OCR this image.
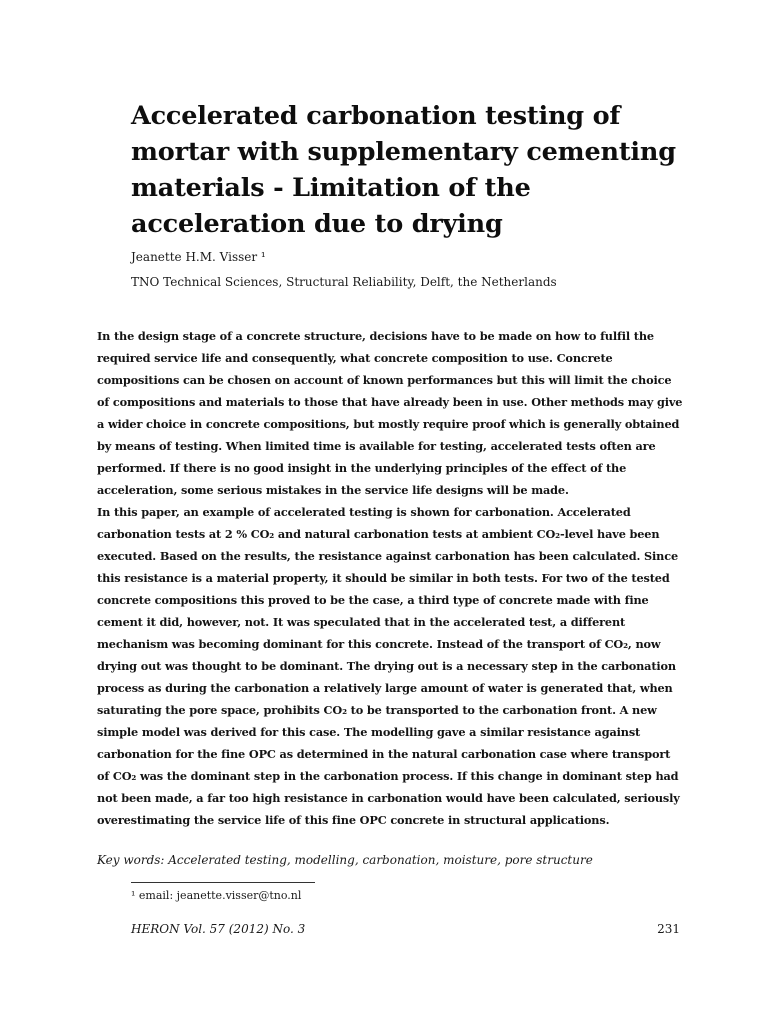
Accelerated carbonation testing of mortar with supplementary cementing materials - Limitation of the acceleration due to drying
Jeanette H.M. Visser ¹
TNO Technical Sciences, Structural Reliability, Delft, the Netherlands

In the design stage of a concrete structure, decisions have to be made on how to fulfil the required service life and consequently, what concrete composition to use. Concrete compositions can be chosen on account of known performances but this will limit the choice of compositions and materials to those that have already been in use. Other methods may give a wider choice in concrete compositions, but mostly require proof which is generally obtained by means of testing. When limited time is available for testing, accelerated tests often are performed. If there is no good insight in the underlying principles of the effect of the acceleration, some serious mistakes in the service life designs will be made.

In this paper, an example of accelerated testing is shown for carbonation. Accelerated carbonation tests at 2 % CO₂ and natural carbonation tests at ambient CO₂-level have been executed. Based on the results, the resistance against carbonation has been calculated. Since this resistance is a material property, it should be similar in both tests. For two of the tested concrete compositions this proved to be the case, a third type of concrete made with fine cement it did, however, not. It was speculated that in the accelerated test, a different mechanism was becoming dominant for this concrete. Instead of the transport of CO₂, now drying out was thought to be dominant. The drying out is a necessary step in the carbonation process as during the carbonation a relatively large amount of water is generated that, when saturating the pore space, prohibits CO₂ to be transported to the carbonation front. A new simple model was derived for this case. The modelling gave a similar resistance against carbonation for the fine OPC as determined in the natural carbonation case where transport of CO₂ was the dominant step in the carbonation process. If this change in dominant step had not been made, a far too high resistance in carbonation would have been calculated, seriously overestimating the service life of this fine OPC concrete in structural applications.

Key words: Accelerated testing, modelling, carbonation, moisture, pore structure
¹ email: jeanette.visser@tno.nl
HERON Vol. 57 (2012) No. 3	231
